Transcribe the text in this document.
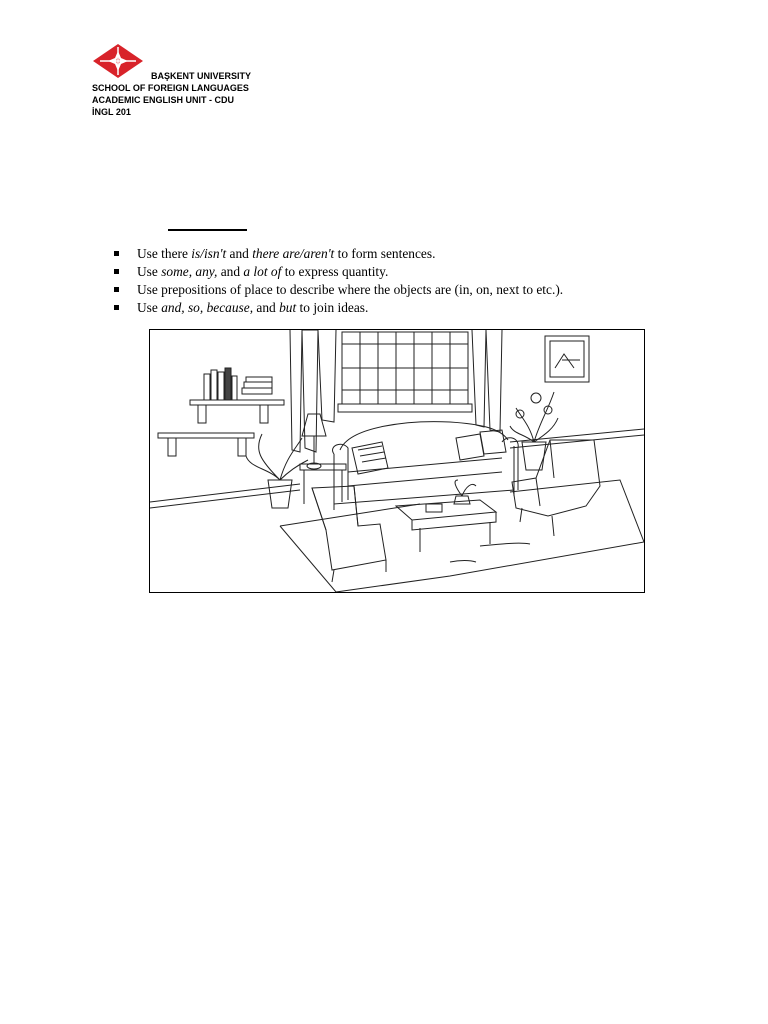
BAŞKENT UNIVERSITY
SCHOOL OF FOREIGN LANGUAGES
ACADEMIC ENGLISH UNIT - CDU
İNGL 201
Use there is/isn't and there are/aren't to form sentences.
Use some, any, and a lot of to express quantity.
Use prepositions of place to describe where the objects are (in, on, next to etc.).
Use and, so, because, and but to join ideas.
